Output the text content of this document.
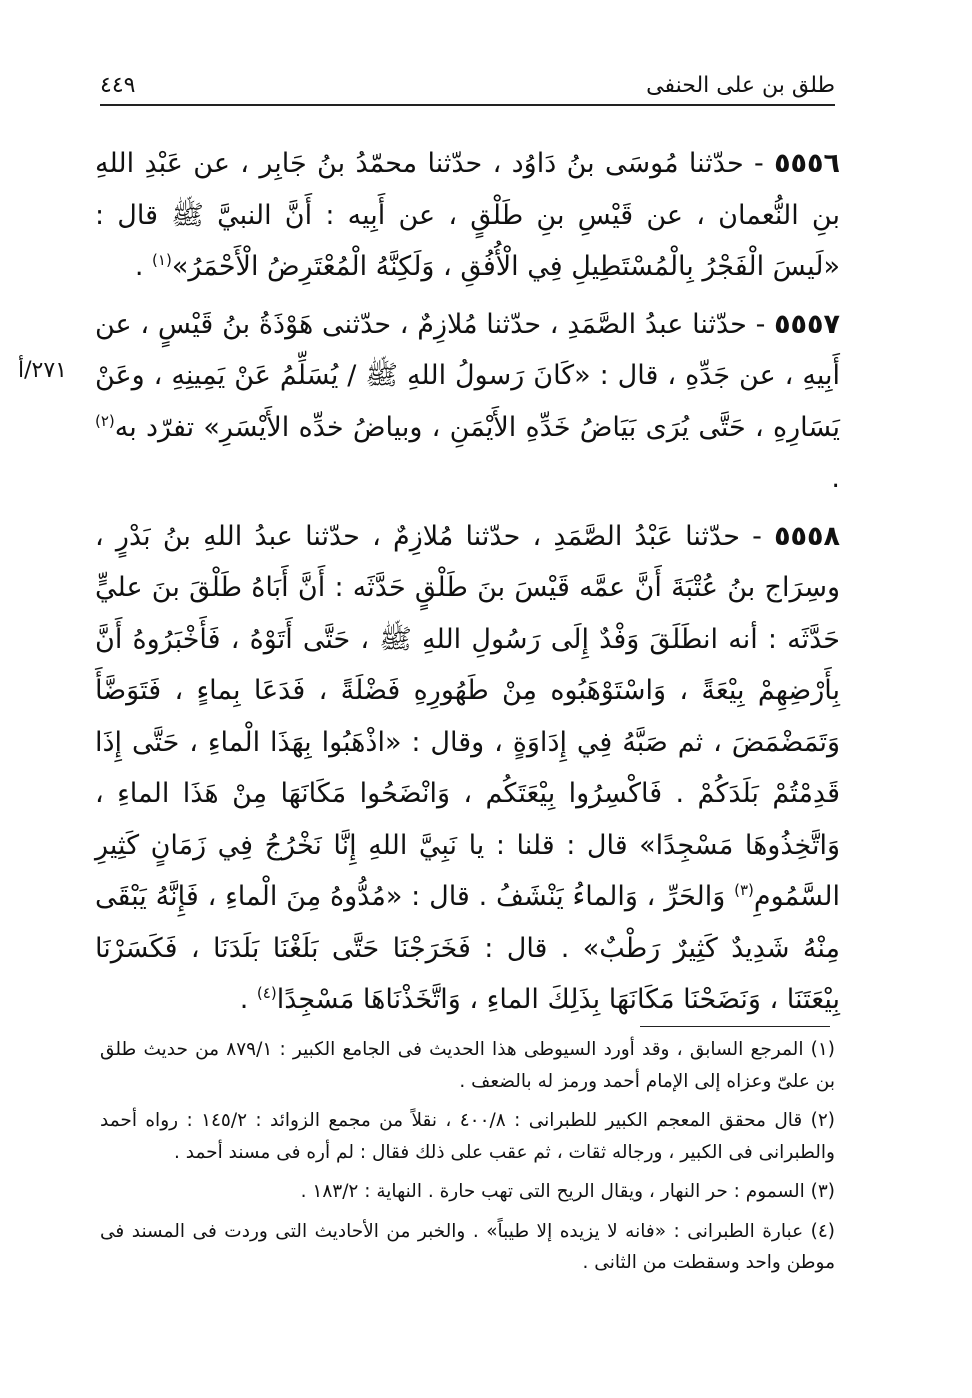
طلق بن على الحنفى
٤٤٩
٢٧١/أ

٥٥٥٦ - حدّثنا مُوسَى بنُ دَاوُد ، حدّثنا محمّدُ بنُ جَابِر ، عن عَبْدِ اللهِ بنِ النُّعمان ، عن قَيْسِ بنِ طَلْقٍ ، عن أَبِيه : أَنَّ النبيَّ ﷺ قال : «لَيسَ الْفَجْرُ بِالْمُسْتَطِيلِ فِي الْأُفُقِ ، وَلَكِنَّهُ الْمُعْتَرِضُ الْأَحْمَرُ»$^{(١)}$ .

٥٥٥٧ - حدّثنا عبدُ الصَّمَدِ ، حدّثنا مُلازِمٌ ، حدّثنى هَوْذَةُ بنُ قَيْسٍ ، عن أَبِيهِ ، عن جَدِّهِ ، قال : «كَانَ رَسولُ اللهِ ﷺ / يُسَلِّمُ عَنْ يَمِينِهِ ، وعَنْ يَسَارِهِ ، حَتَّى يُرَى بَيَاضُ خَدِّهِ الأَيْمَنِ ، وبياضُ خدِّه الأَيْسَرِ» تفرّد به$^{(٢)}$ .

٥٥٥٨ - حدّثنا عَبْدُ الصَّمَدِ ، حدّثنا مُلازِمٌ ، حدّثنا عبدُ اللهِ بنُ بَدْرٍ ، وسِرَاج بنُ عُتْبَةَ أَنَّ عمَّه قَيْسَ بنَ طَلْقٍ حَدَّثَه : أَنَّ أَبَاهُ طَلْقَ بنَ عليٍّ حَدَّثَه : أنه انطَلَقَ وَفْدٌ إِلَى رَسُولِ اللهِ ﷺ ، حَتَّى أَتَوْهُ ، فَأَخْبَرُوهُ أَنَّ بِأَرْضِهِمْ بِيْعَةً ، وَاسْتَوْهَبُوه مِنْ طَهُورِهِ فَضْلَةً ، فَدَعَا بِماءٍ ، فَتَوَضَّأَ وَتَمَضْمَضَ ، ثم صَبَّهُ فِي إِدَاوَةٍ ، وقال : «اذْهَبُوا بِهَذَا الْماءِ ، حَتَّى إِذَا قَدِمْتُمْ بَلَدَكُمْ . فَاكْسِرُوا بِيْعَتَكُم ، وَانْضَحُوا مَكَانَهَا مِنْ هَذَا الماءِ ، وَاتَّخِذُوهَا مَسْجِدًا» قال : قلنا : يا نَبِيَّ اللهِ إِنَّا نَخْرُجُ فِي زَمَانٍ كَثِيرِ السَّمُومِ$^{(٣)}$ وَالحَرِّ ، وَالماءُ يَنْشَفُ . قال : «مُدُّوهُ مِنَ الْماءِ ، فَإِنَّهُ يَبْقَى مِنْهُ شَدِيدٌ كَثِيرٌ رَطْبٌ» . قال : فَخَرَجْنَا حَتَّى بَلَغْنَا بَلَدَنَا ، فَكَسَرْنَا بِيْعَتَنَا ، وَنَضَحْنَا مَكَانَهَا بِذَلِكَ الماءِ ، وَاتَّخَذْنَاهَا مَسْجِدًا$^{(٤)}$ .

(١) المرجع السابق ، وقد أورد السيوطى هذا الحديث فى الجامع الكبير : ٨٧٩/١ من حديث طلق بن علىّ وعزاه إلى الإمام أحمد ورمز له بالضعف .

(٢) قال محقق المعجم الكبير للطبرانى : ٤٠٠/٨ ، نقلاً من مجمع الزوائد : ١٤٥/٢ : رواه أحمد والطبرانى فى الكبير ، ورجاله ثقات ، ثم عقب على ذلك فقال : لم أره فى مسند أحمد .

(٣) السموم : حر النهار ، ويقال الريح التى تهب حارة . النهاية : ١٨٣/٢ .

(٤) عبارة الطبرانى : «فانه لا يزيده إلا طيباً» . والخبر من الأحاديث التى وردت فى المسند فى موطن واحد وسقطت من الثانى .
